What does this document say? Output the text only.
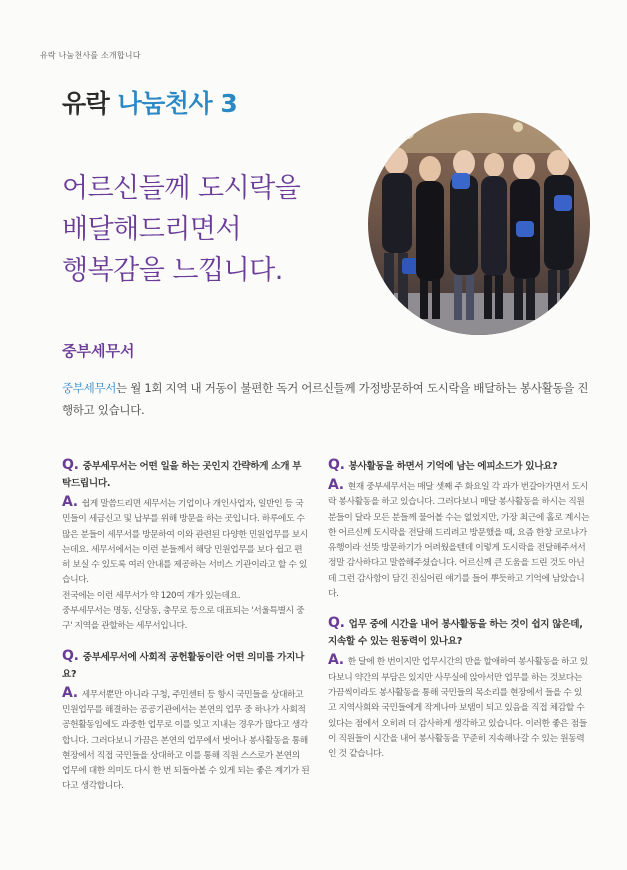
유락 나눔천사를 소개합니다
유락 나눔천사 3
어르신들께 도시락을
배달해드리면서
행복감을 느낍니다.
중부세무서
중부세무서는 월 1회 지역 내 거동이 불편한 독거 어르신들께 가정방문하여 도시락을 배달하는 봉사활동을 진행하고 있습니다.
Q. 중부세무서는 어떤 일을 하는 곳인지 간략하게 소개 부탁드립니다.

A. 쉽게 말씀드리면 세무서는 기업이나 개인사업자, 일반인 등 국민들이 세금신고 및 납부를 위해 방문을 하는 곳입니다. 하루에도 수많은 분들이 세무서를 방문하여 이와 관련된 다양한 민원업무를 보시는데요. 세무서에서는 이런 분들께서 해당 민원업무를 보다 쉽고 편히 보실 수 있도록 여러 안내를 제공하는 서비스 기관이라고 할 수 있습니다.

전국에는 이런 세무서가 약 120여 개가 있는데요.

중부세무서는 명동, 신당동, 충무로 등으로 대표되는 '서울특별시 중구' 지역을 관할하는 세무서입니다.

Q. 중부세무서에 사회적 공헌활동이란 어떤 의미를 가지나요?

A. 세무서뿐만 아니라 구청, 주민센터 등 항시 국민들을 상대하고 민원업무를 해결하는 공공기관에서는 본연의 업무 중 하나가 사회적 공헌활동임에도 과중한 업무로 이를 잊고 지내는 경우가 많다고 생각합니다. 그러다보니 가끔은 본연의 업무에서 벗어나 봉사활동을 통해 현장에서 직접 국민들을 상대하고 이를 통해 직원 스스로가 본연의 업무에 대한 의미도 다시 한 번 되돌아볼 수 있게 되는 좋은 계기가 된다고 생각합니다.

Q. 봉사활동을 하면서 기억에 남는 에피소드가 있나요?

A. 현재 중부세무서는 매달 셋째 주 화요일 각 과가 번갈아가면서 도시락 봉사활동을 하고 있습니다. 그러다보니 매달 봉사활동을 하시는 직원분들이 달라 모든 분들께 물어볼 수는 없었지만, 가장 최근에 홀로 계시는 한 어르신께 도시락을 전달해 드리려고 방문했을 때, 요즘 한창 코로나가 유행이라 선뜻 방문하기가 어려웠을텐데 이렇게 도시락을 전달해주셔서 정말 감사하다고 말씀해주셨습니다. 어르신께 큰 도움을 드린 것도 아닌데 그런 감사함이 담긴 진심어린 얘기를 들어 뿌듯하고 기억에 남았습니다.

Q. 업무 중에 시간을 내어 봉사활동을 하는 것이 쉽지 않은데, 지속할 수 있는 원동력이 있나요?

A. 한 달에 한 번이지만 업무시간의 반을 할애하여 봉사활동을 하고 있다보니 약간의 부담은 있지만 사무실에 앉아서만 업무를 하는 것보다는 가끔씩이라도 봉사활동을 통해 국민들의 목소리를 현장에서 들을 수 있고 지역사회와 국민들에게 작게나마 보탬이 되고 있음을 직접 체감할 수 있다는 점에서 오히려 더 감사하게 생각하고 있습니다. 이러한 좋은 점들이 직원들이 시간을 내어 봉사활동을 꾸준히 지속해나갈 수 있는 원동력인 것 같습니다.
